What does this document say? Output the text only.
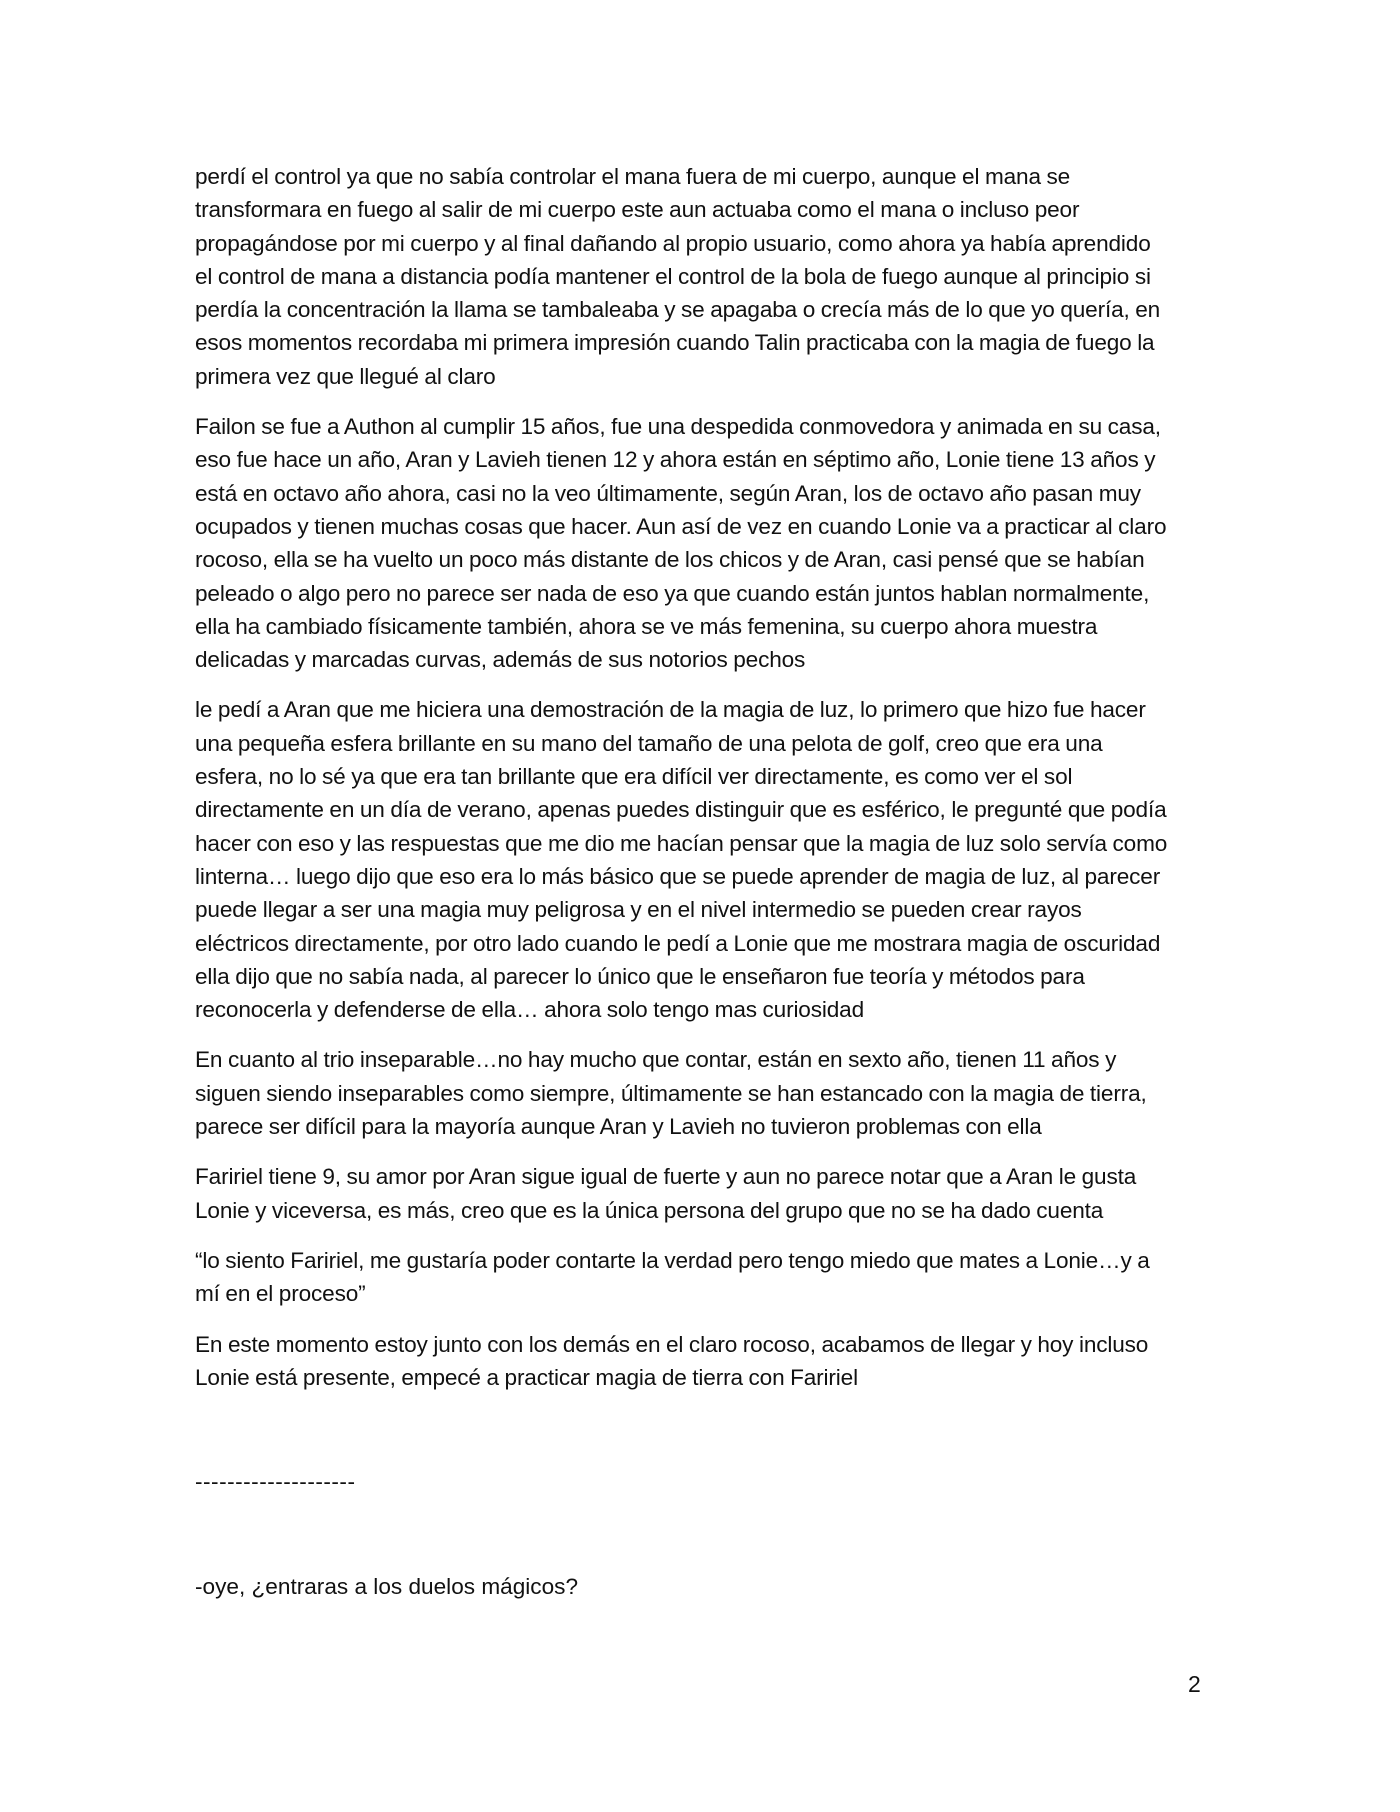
perdí el control ya que no sabía controlar el mana fuera de mi cuerpo, aunque el mana se
transformara en fuego al salir de mi cuerpo este aun actuaba como el mana o incluso peor
propagándose por mi cuerpo y al final dañando al propio usuario, como ahora ya había aprendido
el control de mana a distancia podía mantener el control de la bola de fuego aunque al principio si
perdía la concentración la llama se tambaleaba y se apagaba o crecía más de lo que yo quería, en
esos momentos recordaba mi primera impresión cuando Talin practicaba con la magia de fuego la
primera vez que llegué al claro

Failon se fue a Authon al cumplir 15 años, fue una despedida conmovedora y animada en su casa,
eso fue hace un año, Aran y Lavieh tienen 12 y ahora están en séptimo año, Lonie tiene 13 años y
está en octavo año ahora, casi no la veo últimamente, según Aran, los de octavo año pasan muy
ocupados y tienen muchas cosas que hacer. Aun así de vez en cuando Lonie va a practicar al claro
rocoso, ella se ha vuelto un poco más distante de los chicos y de Aran, casi pensé que se habían
peleado o algo pero no parece ser nada de eso ya que cuando están juntos hablan normalmente,
ella ha cambiado físicamente también, ahora se ve más femenina, su cuerpo ahora muestra
delicadas y marcadas curvas, además de sus notorios pechos

le pedí a Aran que me hiciera una demostración de la magia de luz, lo primero que hizo fue hacer
una pequeña esfera brillante en su mano del tamaño de una pelota de golf, creo que era una
esfera, no lo sé ya que era tan brillante que era difícil ver directamente, es como ver el sol
directamente en un día de verano, apenas puedes distinguir que es esférico, le pregunté que podía
hacer con eso y las respuestas que me dio me hacían pensar que la magia de luz solo servía como
linterna… luego dijo que eso era lo más básico que se puede aprender de magia de luz, al parecer
puede llegar a ser una magia muy peligrosa y en el nivel intermedio se pueden crear rayos
eléctricos directamente, por otro lado cuando le pedí a Lonie que me mostrara magia de oscuridad
ella dijo que no sabía nada, al parecer lo único que le enseñaron fue teoría y métodos para
reconocerla y defenderse de ella… ahora solo tengo mas curiosidad

En cuanto al trio inseparable…no hay mucho que contar, están en sexto año, tienen 11 años y
siguen siendo inseparables como siempre, últimamente se han estancado con la magia de tierra,
parece ser difícil para la mayoría aunque Aran y Lavieh no tuvieron problemas con ella

Faririel tiene 9, su amor por Aran sigue igual de fuerte y aun no parece notar que a Aran le gusta
Lonie y viceversa, es más, creo que es la única persona del grupo que no se ha dado cuenta

“lo siento Faririel, me gustaría poder contarte la verdad pero tengo miedo que mates a Lonie…y a
mí en el proceso”

En este momento estoy junto con los demás en el claro rocoso, acabamos de llegar y hoy incluso
Lonie está presente, empecé a practicar magia de tierra con Faririel

--------------------
-oye, ¿entraras a los duelos mágicos?
2
